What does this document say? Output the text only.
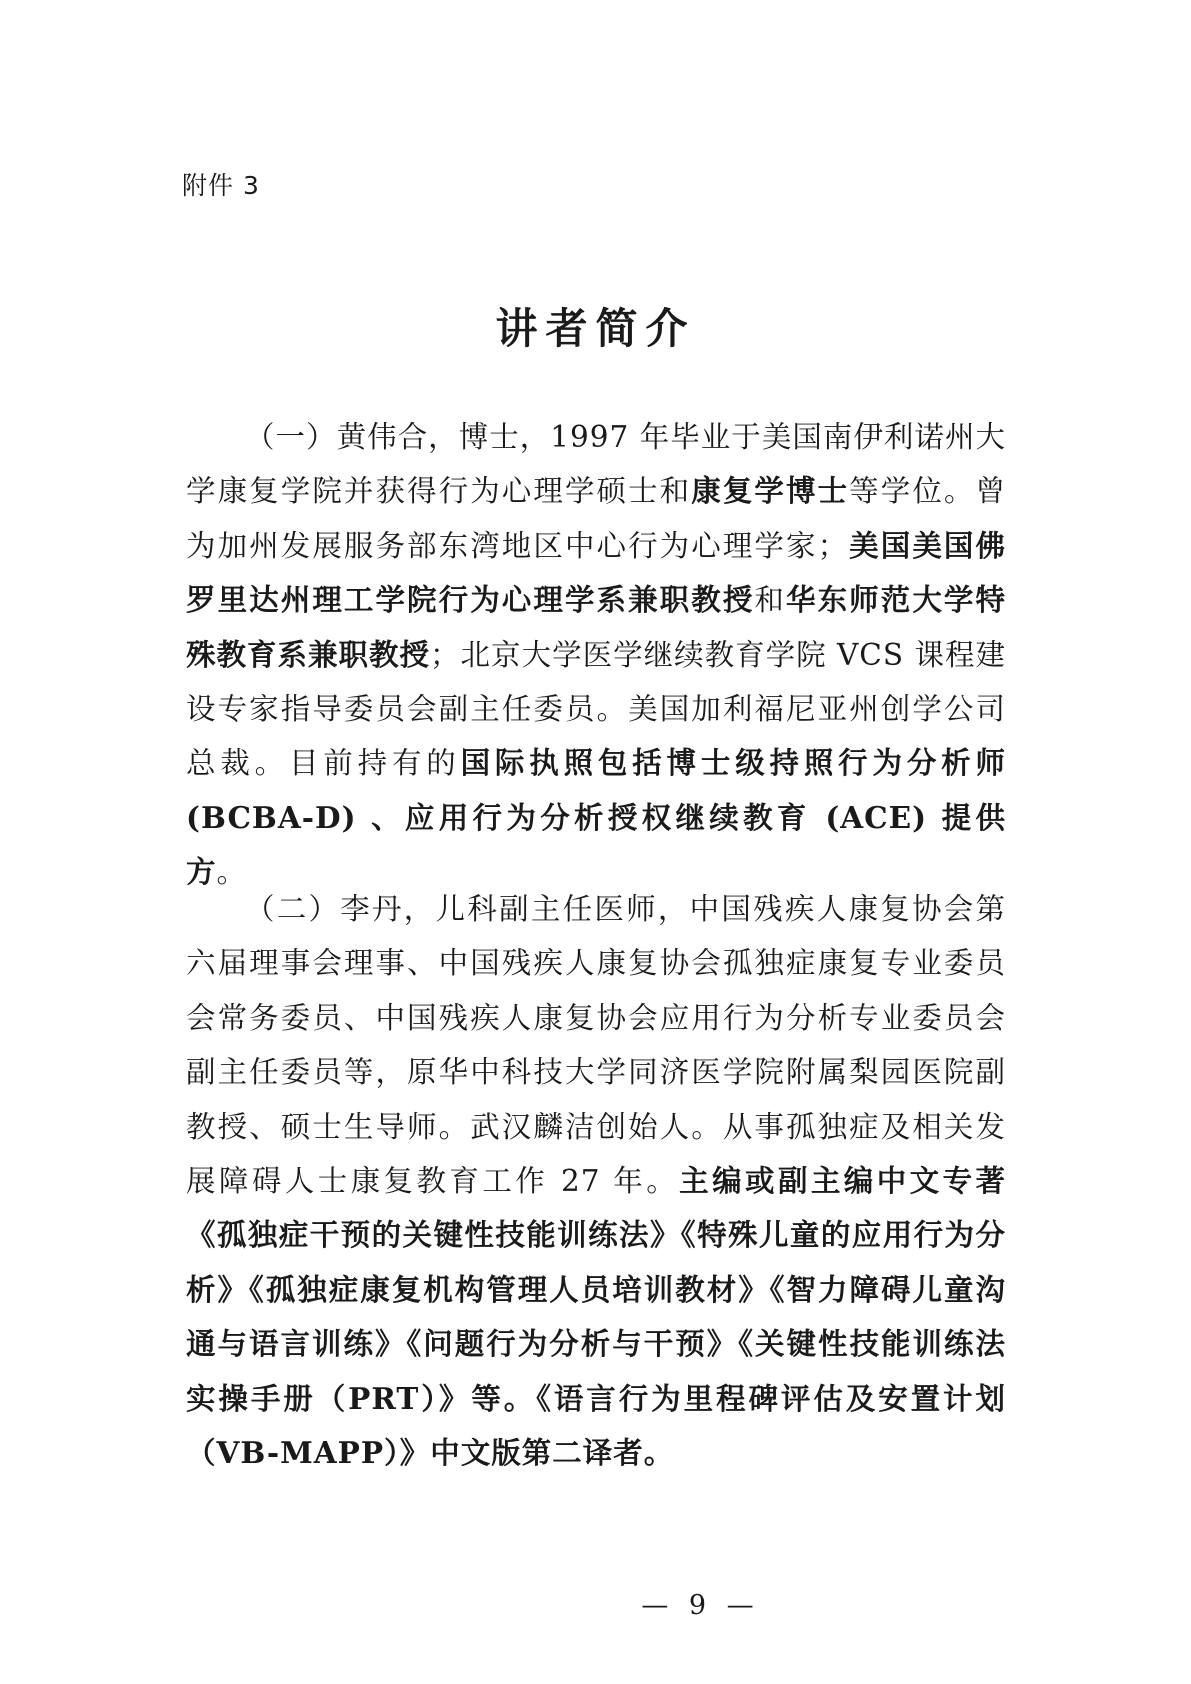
附件 3
讲者简介

（一）黄伟合，博士，1997 年毕业于美国南伊利诺州大学康复学院并获得行为心理学硕士和康复学博士等学位。曾为加州发展服务部东湾地区中心行为心理学家；美国美国佛罗里达州理工学院行为心理学系兼职教授和华东师范大学特殊教育系兼职教授；北京大学医学继续教育学院 VCS 课程建设专家指导委员会副主任委员。美国加利福尼亚州创学公司总裁。目前持有的国际执照包括博士级持照行为分析师 (BCBA-D) 、应用行为分析授权继续教育 (ACE) 提供方。

（二）李丹，儿科副主任医师，中国残疾人康复协会第六届理事会理事、中国残疾人康复协会孤独症康复专业委员会常务委员、中国残疾人康复协会应用行为分析专业委员会副主任委员等，原华中科技大学同济医学院附属梨园医院副教授、硕士生导师。武汉麟洁创始人。从事孤独症及相关发展障碍人士康复教育工作 27 年。主编或副主编中文专著《孤独症干预的关键性技能训练法》《特殊儿童的应用行为分析》《孤独症康复机构管理人员培训教材》《智力障碍儿童沟通与语言训练》《问题行为分析与干预》《关键性技能训练法实操手册（PRT）》等。《语言行为里程碑评估及安置计划（VB-MAPP）》中文版第二译者。

— 9 —
